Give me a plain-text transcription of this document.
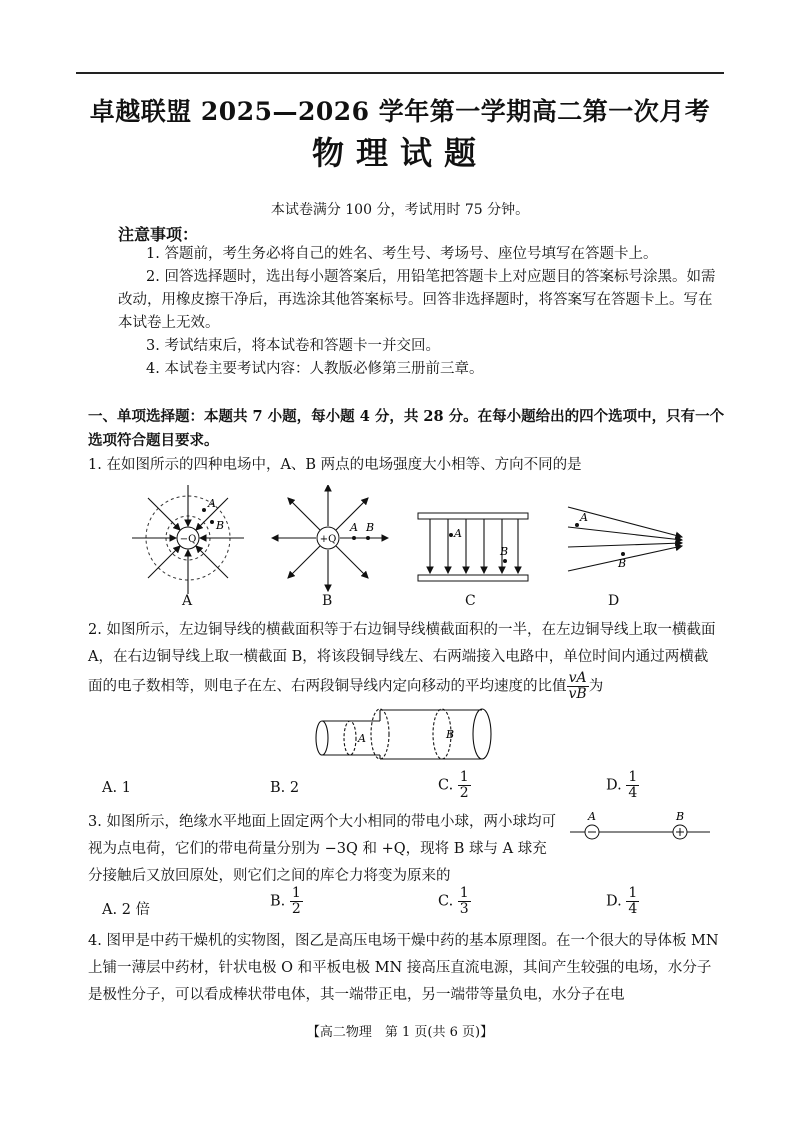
卓越联盟 2025—2026 学年第一学期高二第一次月考
物理试题
本试卷满分 100 分，考试用时 75 分钟。
注意事项：
1. 答题前，考生务必将自己的姓名、考生号、考场号、座位号填写在答题卡上。
2. 回答选择题时，选出每小题答案后，用铅笔把答题卡上对应题目的答案标号涂黑。如需改动，用橡皮擦干净后，再选涂其他答案标号。回答非选择题时，将答案写在答题卡上。写在本试卷上无效。
3. 考试结束后，将本试卷和答题卡一并交回。
4. 本试卷主要考试内容：人教版必修第三册前三章。
一、单项选择题：本题共 7 小题，每小题 4 分，共 28 分。在每小题给出的四个选项中，只有一个选项符合题目要求。
1. 在如图所示的四种电场中，A、B 两点的电场强度大小相等、方向不同的是
−Q
A
B
+Q
A B	A
B
A
B
A	B	C	D
2. 如图所示，左边铜导线的横截面积等于右边铜导线横截面积的一半，在左边铜导线上取一横截面 A，在右边铜导线上取一横截面 B，将该段铜导线左、右两端接入电路中，单位时间内通过两横截面的电子数相等，则电子在左、右两段铜导线内定向移动的平均速度的比值 $\frac{vA}{vB}$ 为
A	B
A. 1	B. 2	C. $\frac{1}{2}$	D. $\frac{1}{4}$
3. 如图所示，绝缘水平地面上固定两个大小相同的带电小球，两小球均可视为点电荷，它们的带电荷量分别为 −3Q 和 +Q，现将 B 球与 A 球充分接触后又放回原处，则它们之间的库仑力将变为原来的
A	B
A. 2 倍
B. $\frac{1}{2}$	C. $\frac{1}{3}$	D. $\frac{1}{4}$
4. 图甲是中药干燥机的实物图，图乙是高压电场干燥中药的基本原理图。在一个很大的导体板 MN 上铺一薄层中药材，针状电极 O 和平板电极 MN 接高压直流电源，其间产生较强的电场，水分子是极性分子，可以看成棒状带电体，其一端带正电，另一端带等量负电，水分子在电
【高二物理　第 1 页(共 6 页)】
